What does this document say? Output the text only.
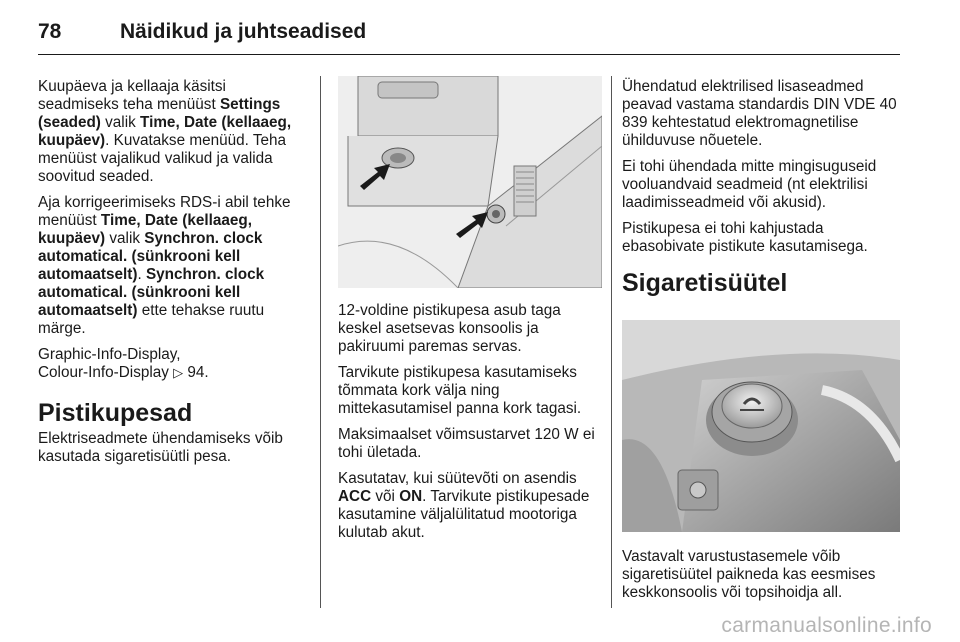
78	Näidikud ja juhtseadised

Kuupäeva ja kellaaja käsitsi seadmiseks teha menüüst Settings (seaded) valik Time, Date (kellaaeg, kuupäev). Kuvatakse menüüd. Teha menüüst vajalikud valikud ja valida soovitud seaded.

Aja korrigeerimiseks RDS-i abil tehke menüüst Time, Date (kellaaeg, kuupäev) valik Synchron. clock automatical. (sünkrooni kell automaatselt). Synchron. clock automatical. (sünkrooni kell automaatselt) ette tehakse ruutu märge.

Graphic-Info-Display,
Colour-Info-Display ▷ 94.

Pistikupesad

Elektriseadmete ühendamiseks võib kasutada sigaretisüütli pesa.

12-voldine pistikupesa asub taga keskel asetsevas konsoolis ja pakiruumi paremas servas.

Tarvikute pistikupesa kasutamiseks tõmmata kork välja ning mittekasutamisel panna kork tagasi.

Maksimaalset võimsustarvet 120 W ei tohi ületada.

Kasutatav, kui süütevõti on asendis ACC või ON. Tarvikute pistikupesade kasutamine väljalülitatud mootoriga kulutab akut.

Ühendatud elektrilised lisaseadmed peavad vastama standardis DIN VDE 40 839 kehtestatud elektromagnetilise ühilduvuse nõuetele.

Ei tohi ühendada mitte mingisuguseid vooluandvaid seadmeid (nt elektrilisi laadimisseadmeid või akusid).

Pistikupesa ei tohi kahjustada ebasobivate pistikute kasutamisega.

Sigaretisüütel

Vastavalt varustustasemele võib sigaretisüütel paikneda kas eesmises keskkonsoolis või topsihoidja all.

carmanualsonline.info
